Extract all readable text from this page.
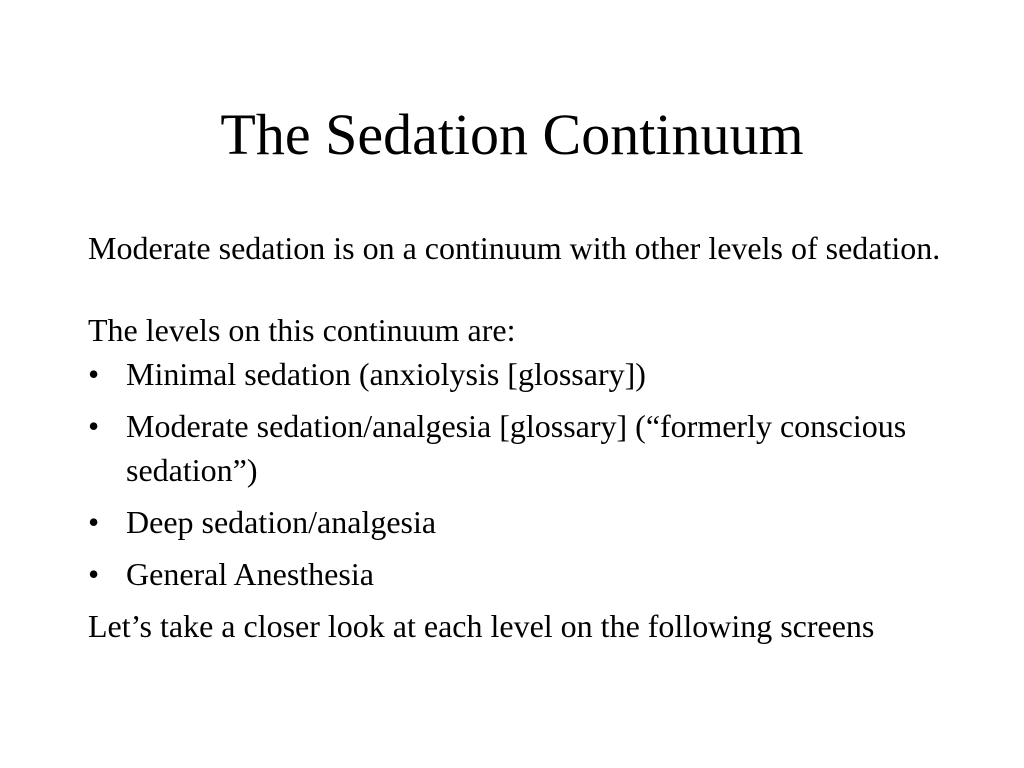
The Sedation Continuum

Moderate sedation is on a continuum with other levels of sedation.

The levels on this continuum are:

• Minimal sedation (anxiolysis [glossary])
• Moderate sedation/analgesia [glossary] (“formerly conscious sedation”)
• Deep sedation/analgesia
• General Anesthesia

Let’s take a closer look at each level on the following screens
